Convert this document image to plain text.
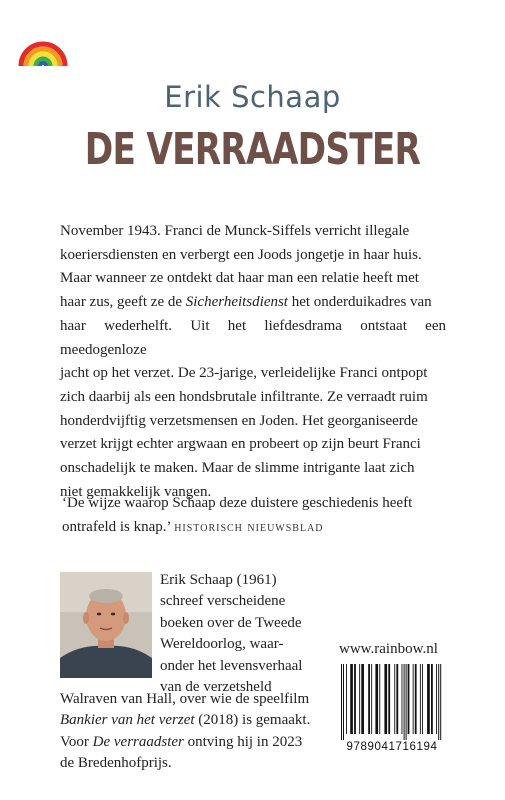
Erik Schaap
DE VERRAADSTER

November 1943. Franci de Munck-Siffels verricht illegale
koeriersdiensten en verbergt een Joods jongetje in haar huis.
Maar wanneer ze ontdekt dat haar man een relatie heeft met
haar zus, geeft ze de Sicherheitsdienst het onderduikadres van
haar wederhelft. Uit het liefdesdrama ontstaat een meedogenloze
jacht op het verzet. De 23-jarige, verleidelijke Franci ontpopt
zich daarbij als een hondsbrutale infiltrante. Ze verraadt ruim
honderdvijftig verzetsmensen en Joden. Het georganiseerde
verzet krijgt echter argwaan en probeert op zijn beurt Franci
onschadelijk te maken. Maar de slimme intrigante laat zich
niet gemakkelijk vangen.

‘De wijze waarop Schaap deze duistere geschiedenis heeft
ontrafeld is knap.’ historisch nieuwsblad

Erik Schaap (1961)
schreef verscheidene
boeken over de Tweede
Wereldoorlog, waar-
onder het levensverhaal
van de verzetsheld

Walraven van Hall, over wie de speelfilm
Bankier van het verzet (2018) is gemaakt.
Voor De verraadster ontving hij in 2023
de Bredenhofprijs.

www.rainbow.nl
9789041716194
